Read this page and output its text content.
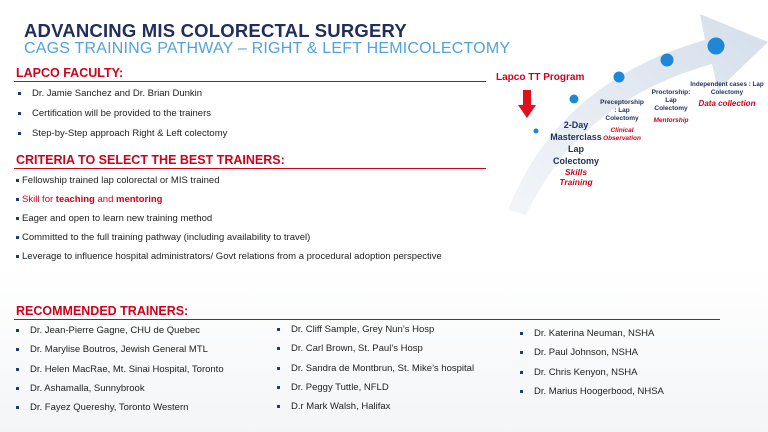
ADVANCING MIS COLORECTAL SURGERY
CAGS TRAINING PATHWAY – RIGHT & LEFT HEMICOLECTOMY
LAPCO FACULTY:
Dr. Jamie Sanchez and Dr. Brian Dunkin
Certification will be provided to the trainers
Step-by-Step approach Right & Left colectomy
CRITERIA TO SELECT THE BEST TRAINERS:
Fellowship trained lap colorectal or MIS trained
Skill for teaching and mentoring
Eager and open to learn new training method
Committed to the full training pathway (including availability to travel)
Leverage to influence hospital administrators/ Govt relations from a procedural adoption perspective
RECOMMENDED TRAINERS:
Dr. Jean-Pierre Gagne, CHU de Quebec
Dr. Marylise Boutros, Jewish General MTL
Dr. Helen MacRae, Mt. Sinai Hospital, Toronto
Dr. Ashamalla, Sunnybrook
Dr. Fayez Quereshy, Toronto Western
Dr. Cliff Sample, Grey Nun’s Hosp
Dr. Carl Brown, St. Paul’s Hosp
Dr. Sandra de Montbrun, St. Mike’s hospital
Dr. Peggy Tuttle, NFLD
D.r Mark Walsh, Halifax
Dr. Katerina Neuman, NSHA
Dr. Paul Johnson, NSHA
Dr. Chris Kenyon, NSHA
Dr. Marius Hoogerbood, NHSA
Lapco TT Program
2-Day
Masterclass
Lap
Colectomy
Skills
Training
Preceptorship
: Lap
Colectomy
Clinical
Observation
Proctorship:
Lap
Colectomy
Mentorship
Independent cases : Lap
Colectomy
Data collection
